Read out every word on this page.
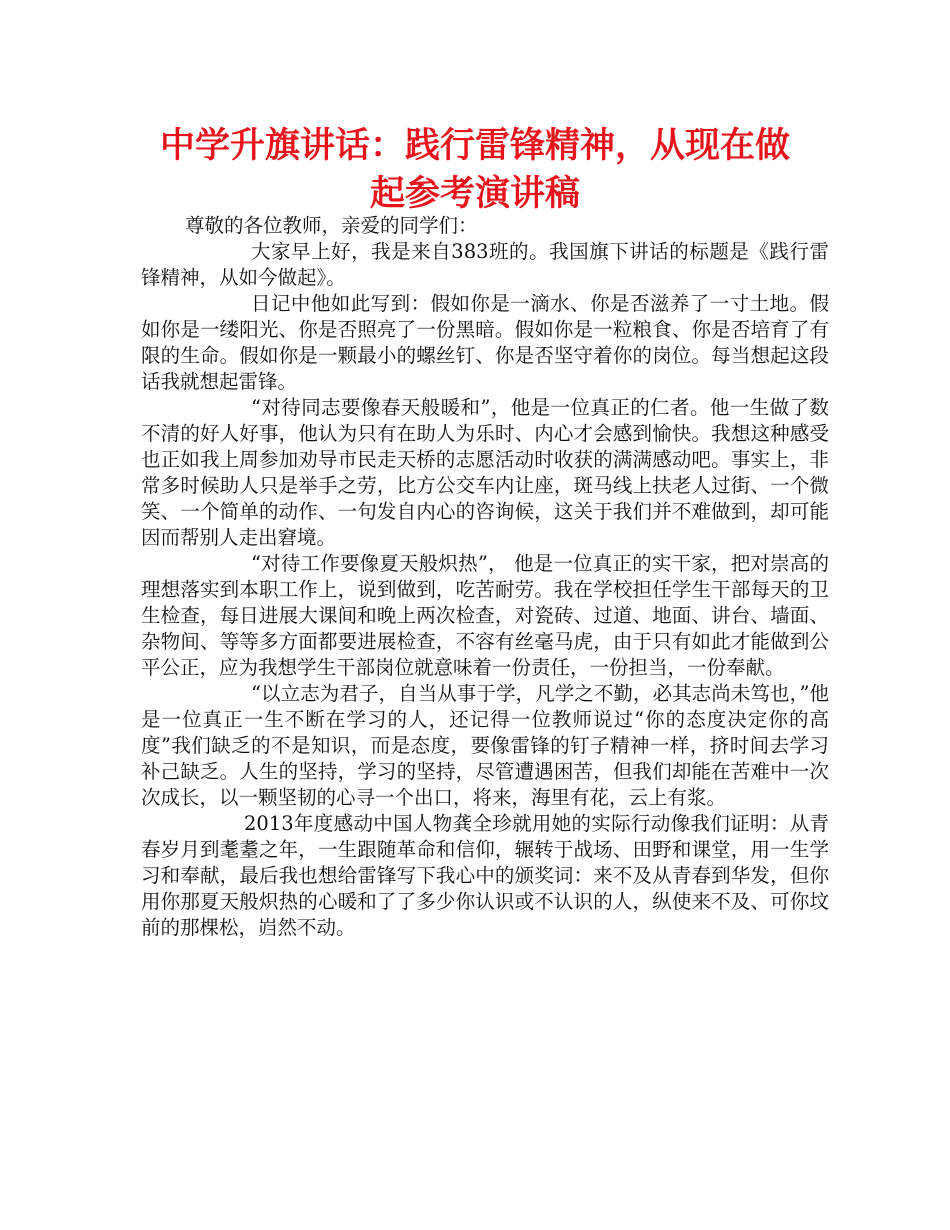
中学升旗讲话：践行雷锋精神，从现在做
起参考演讲稿

尊敬的各位教师，亲爱的同学们：

大家早上好，我是来自383班的。我国旗下讲话的标题是《践行雷锋精神，从如今做起》。

日记中他如此写到：假如你是一滴水、你是否滋养了一寸土地。假如你是一缕阳光、你是否照亮了一份黑暗。假如你是一粒粮食、你是否培育了有限的生命。假如你是一颗最小的螺丝钉、你是否坚守着你的岗位。每当想起这段话我就想起雷锋。

“对待同志要像春天般暖和”，他是一位真正的仁者。他一生做了数不清的好人好事，他认为只有在助人为乐时、内心才会感到愉快。我想这种感受也正如我上周参加劝导市民走天桥的志愿活动时收获的满满感动吧。事实上，非常多时候助人只是举手之劳，比方公交车内让座，斑马线上扶老人过街、一个微笑、一个简单的动作、一句发自内心的咨询候，这关于我们并不难做到，却可能因而帮别人走出窘境。

“对待工作要像夏天般炽热”， 他是一位真正的实干家，把对崇高的理想落实到本职工作上，说到做到，吃苦耐劳。我在学校担任学生干部每天的卫生检查，每日进展大课间和晚上两次检查，对瓷砖、过道、地面、讲台、墙面、杂物间、等等多方面都要进展检查，不容有丝毫马虎，由于只有如此才能做到公平公正，应为我想学生干部岗位就意味着一份责任，一份担当，一份奉献。

“以立志为君子，自当从事于学，凡学之不勤，必其志尚未笃也，”他是一位真正一生不断在学习的人，还记得一位教师说过“你的态度决定你的高度”我们缺乏的不是知识，而是态度，要像雷锋的钉子精神一样，挤时间去学习补己缺乏。人生的坚持，学习的坚持，尽管遭遇困苦，但我们却能在苦难中一次次成长，以一颗坚韧的心寻一个出口，将来，海里有花，云上有浆。

2013年度感动中国人物龚全珍就用她的实际行动像我们证明：从青春岁月到耄耋之年，一生跟随革命和信仰，辗转于战场、田野和课堂，用一生学习和奉献，最后我也想给雷锋写下我心中的颁奖词：来不及从青春到华发，但你用你那夏天般炽热的心暖和了了多少你认识或不认识的人，纵使来不及、可你坟前的那棵松，岿然不动。
